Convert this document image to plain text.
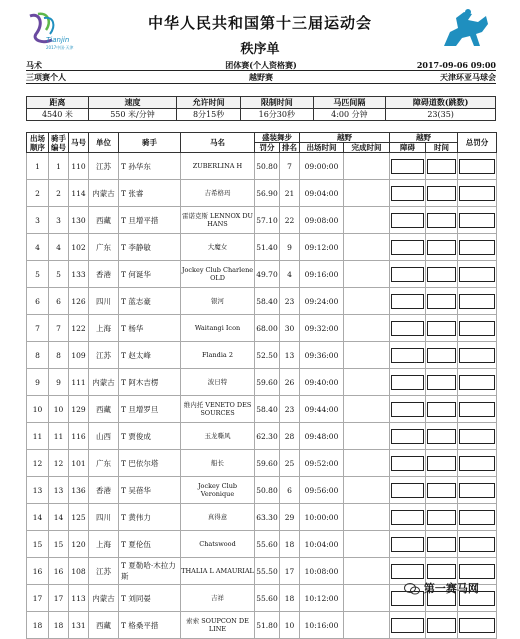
Tianjin
2017中国·天津
中华人民共和国第十三届运动会
秩序单
马术	团体赛(个人资格赛)	2017-09-06 09:00
三项赛个人	越野赛	天津环亚马球会
距离	速度	允许时间	限制时间	马匹间隔	障碍道数(跳数)
4540 米	550 米/分钟	8分15秒	16分30秒	4:00 分钟	23(35)
出场顺序	骑手编号	马号	单位	骑手	马名	盛装舞步		越野		越野		总罚分
						罚分	排名	出场时间	完成时间	障碍	时间	
1	1	110	江苏	T 孙华东	ZUBERLINA H	50.80	7	09:00:00		

2	2	114	内蒙古	T 张睿	吉希格玛	56.90	21	09:04:00		

3	3	130	西藏	T 旦增平措	雷诺克斯 LENNOX DU HANS	57.10	22	09:08:00		

4	4	102	广东	T 李静敏	大魔女	51.40	9	09:12:00		

5	5	133	香港	T 何诞华	Jockey Club Charlene OLD	49.70	4	09:16:00		

6	6	126	四川	T 蓝志豪	银河	58.40	23	09:24:00		

7	7	122	上海	T 杨华	Waitangi Icon	68.00	30	09:32:00		

8	8	109	江苏	T 赵太峰	Flandia 2	52.50	13	09:36:00		

9	9	111	内蒙古	T 阿木吉楞	波日特	59.60	26	09:40:00		

10	10	129	西藏	T 旦增罗旦	维内托 VENETO DES SOURCES	58.40	23	09:44:00		

11	11	116	山西	T 贾俊成	玉龙嘶风	62.30	28	09:48:00		

12	12	101	广东	T 巴依尔塔	船长	59.60	25	09:52:00		

13	13	136	香港	T 吴蓓华	Jockey Club Veronique	50.80	6	09:56:00		

14	14	125	四川	T 黄伟力	真得意	63.30	29	10:00:00		

15	15	120	上海	T 夏伦伍	Chatswood	55.60	18	10:04:00		

16	16	108	江苏	T 夏勒哈·木拉力斯	THALIA L AMAURIAL	55.50	17	10:08:00		

17	17	113	内蒙古	T 刘同晏	吉祥	55.60	18	10:12:00		

18	18	131	西藏	T 格桑平措	索索 SOUPCON DE LINE	51.80	10	10:16:00		

第一赛马网
